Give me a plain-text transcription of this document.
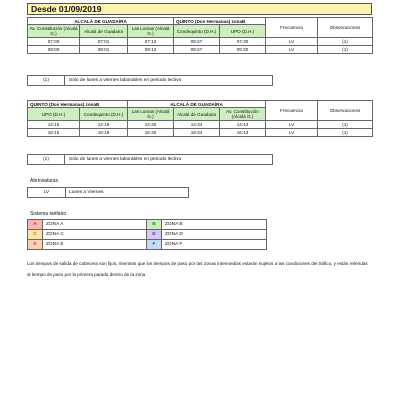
Desde 01/09/2019
ALCALÁ DE GUADAÍRA			QUINTO (Dos Hermanas) zonaB		Frecuencia	Observaciones
Av. Constitución (Alcalá G.)	Alcalá de Guadaira	Las Lomas (Alcalá G.)	Condequinto (D.H.)	UPO (D.H.)		
07:00	07:01	07:13	09:27	07:30	LV	(1)
09:00	09:01	09:13	09:27	09:30	LV	(1)
(1)	Sólo de lunes a viernes laborables en periodo lectivo
QUINTO (Dos Hermanas) zonaB		ALCALÁ DE GUADAÍRA			Frecuencia	Observaciones
UPO (D.H.)	Condequinto (D.H.)	Las Lomas (Alcalá G.)	Alcalá de Guadaira	Av. Constitución (Alcalá G.)		
14:15	14:18	14:30	14:34	14:43	LV	(1)
16:15	16:18	16:30	16:34	16:43	LV	(1)
(1)	Sólo de lunes a viernes laborables en periodo lectivo
Abreviaturas
LV	Lunes a Viernes
Sistema tarifario
A	ZONA A	B	ZONA B
C	ZONA C	D	ZONA D
E	ZONA E	F	ZONA F
Los tiempos de salida de cabecera son fijos, mientras que los tiempos de paso por las zonas intermedias estarán sujetos a las condiciones del tráfico, y están referidas al tiempo de paso por la primera parada dentro de la zona
